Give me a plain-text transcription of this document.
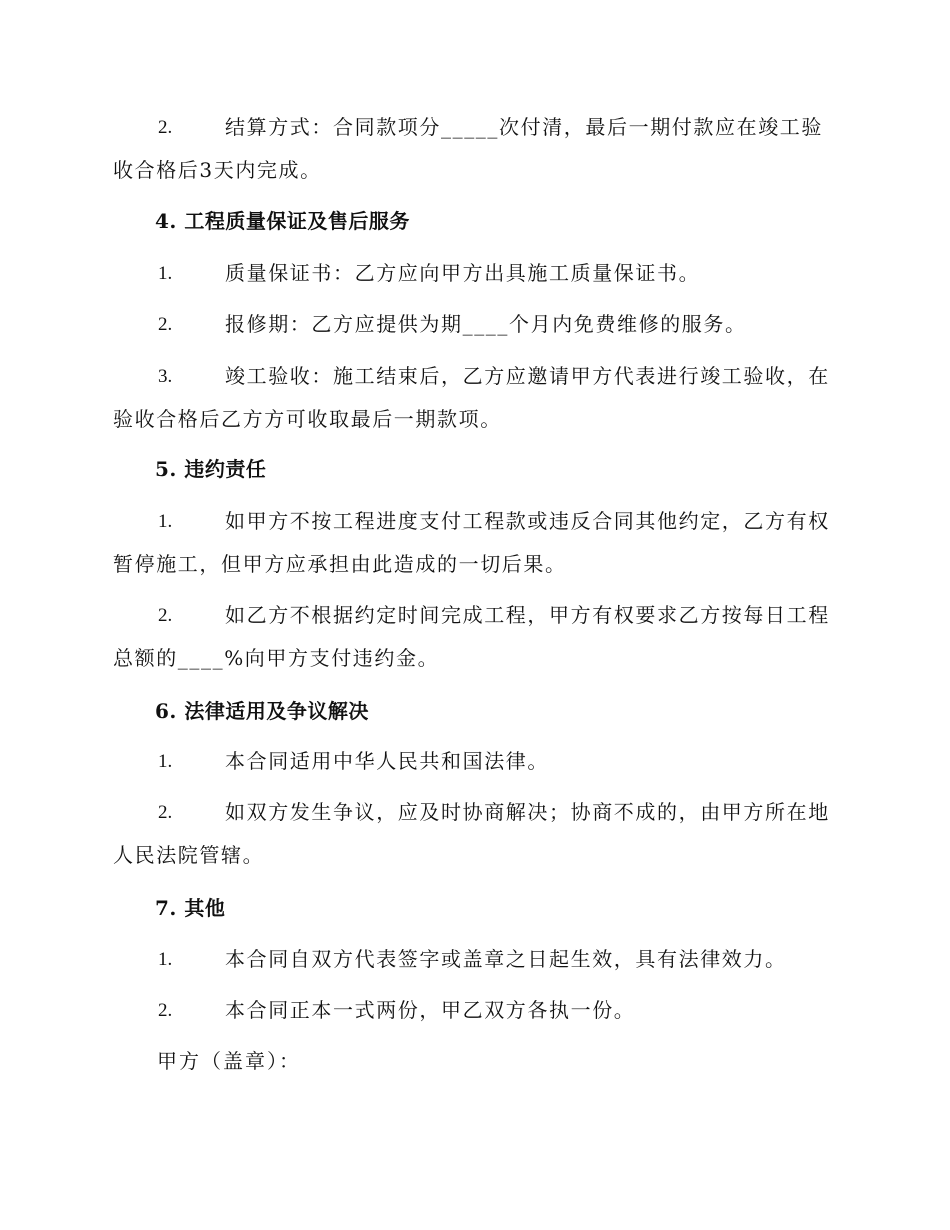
2.	结算方式：合同款项分_____次付清，最后一期付款应在竣工验收合格后3天内完成。
4. 工程质量保证及售后服务
1.	质量保证书：乙方应向甲方出具施工质量保证书。
2.	报修期：乙方应提供为期____个月内免费维修的服务。
3.	竣工验收：施工结束后，乙方应邀请甲方代表进行竣工验收，在验收合格后乙方方可收取最后一期款项。
5. 违约责任
1.	如甲方不按工程进度支付工程款或违反合同其他约定，乙方有权暂停施工，但甲方应承担由此造成的一切后果。
2.	如乙方不根据约定时间完成工程，甲方有权要求乙方按每日工程总额的____%向甲方支付违约金。
6. 法律适用及争议解决
1.	本合同适用中华人民共和国法律。
2.	如双方发生争议，应及时协商解决；协商不成的，由甲方所在地人民法院管辖。
7. 其他
1.	本合同自双方代表签字或盖章之日起生效，具有法律效力。
2.	本合同正本一式两份，甲乙双方各执一份。
甲方（盖章）：
